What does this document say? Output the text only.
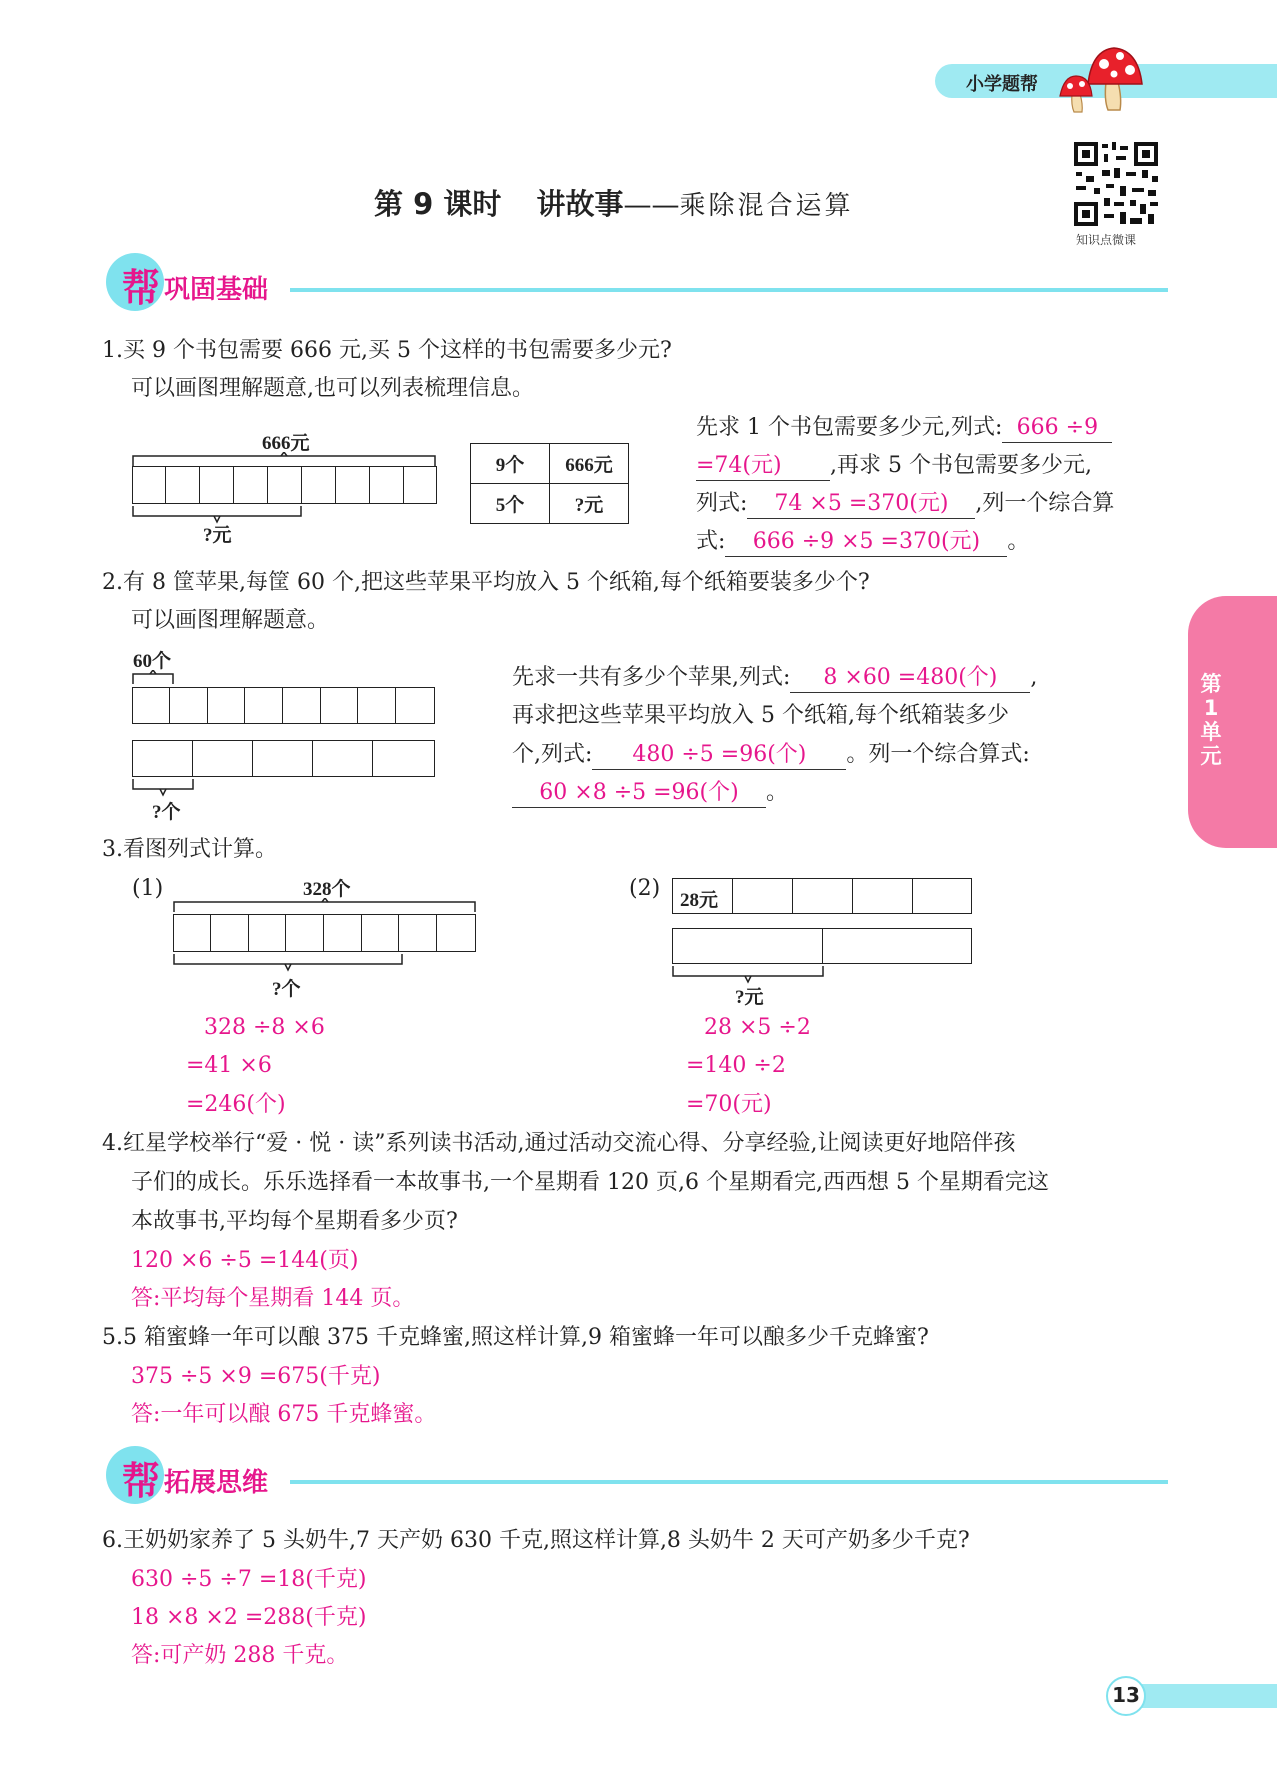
小学题帮
知识点微课
第 9 课时 讲故事——乘除混合运算
帮 巩固基础
1.买 9 个书包需要 666 元,买 5 个这样的书包需要多少元?
可以画图理解题意,也可以列表梳理信息。
666元
?元
9个	666元
5个	?元
先求 1 个书包需要多少元,列式: 666 ÷9
=74(元) ,再求 5 个书包需要多少元,
列式: 74 ×5 =370(元) ,列一个综合算
式: 666 ÷9 ×5 =370(元) 。
2.有 8 筐苹果,每筐 60 个,把这些苹果平均放入 5 个纸箱,每个纸箱要装多少个?
可以画图理解题意。
60个
?个
先求一共有多少个苹果,列式: 8 ×60 =480(个) ,
再求把这些苹果平均放入 5 个纸箱,每个纸箱装多少
个,列式: 480 ÷5 =96(个) 。列一个综合算式:
60 ×8 ÷5 =96(个) 。
3.看图列式计算。
(1)	328个
?个
328 ÷8 ×6
=41 ×6
=246(个)
(2) 28元
?元
28 ×5 ÷2
=140 ÷2
=70(元)
4.红星学校举行“爱 · 悦 · 读”系列读书活动,通过活动交流心得、分享经验,让阅读更好地陪伴孩
子们的成长。乐乐选择看一本故事书,一个星期看 120 页,6 个星期看完,西西想 5 个星期看完这
本故事书,平均每个星期看多少页?
120 ×6 ÷5 =144(页)
答:平均每个星期看 144 页。
5.5 箱蜜蜂一年可以酿 375 千克蜂蜜,照这样计算,9 箱蜜蜂一年可以酿多少千克蜂蜜?
375 ÷5 ×9 =675(千克)
答:一年可以酿 675 千克蜂蜜。
帮 拓展思维
6.王奶奶家养了 5 头奶牛,7 天产奶 630 千克,照这样计算,8 头奶牛 2 天可产奶多少千克?
630 ÷5 ÷7 =18(千克)
18 ×8 ×2 =288(千克)
答:可产奶 288 千克。
第1单元
13
